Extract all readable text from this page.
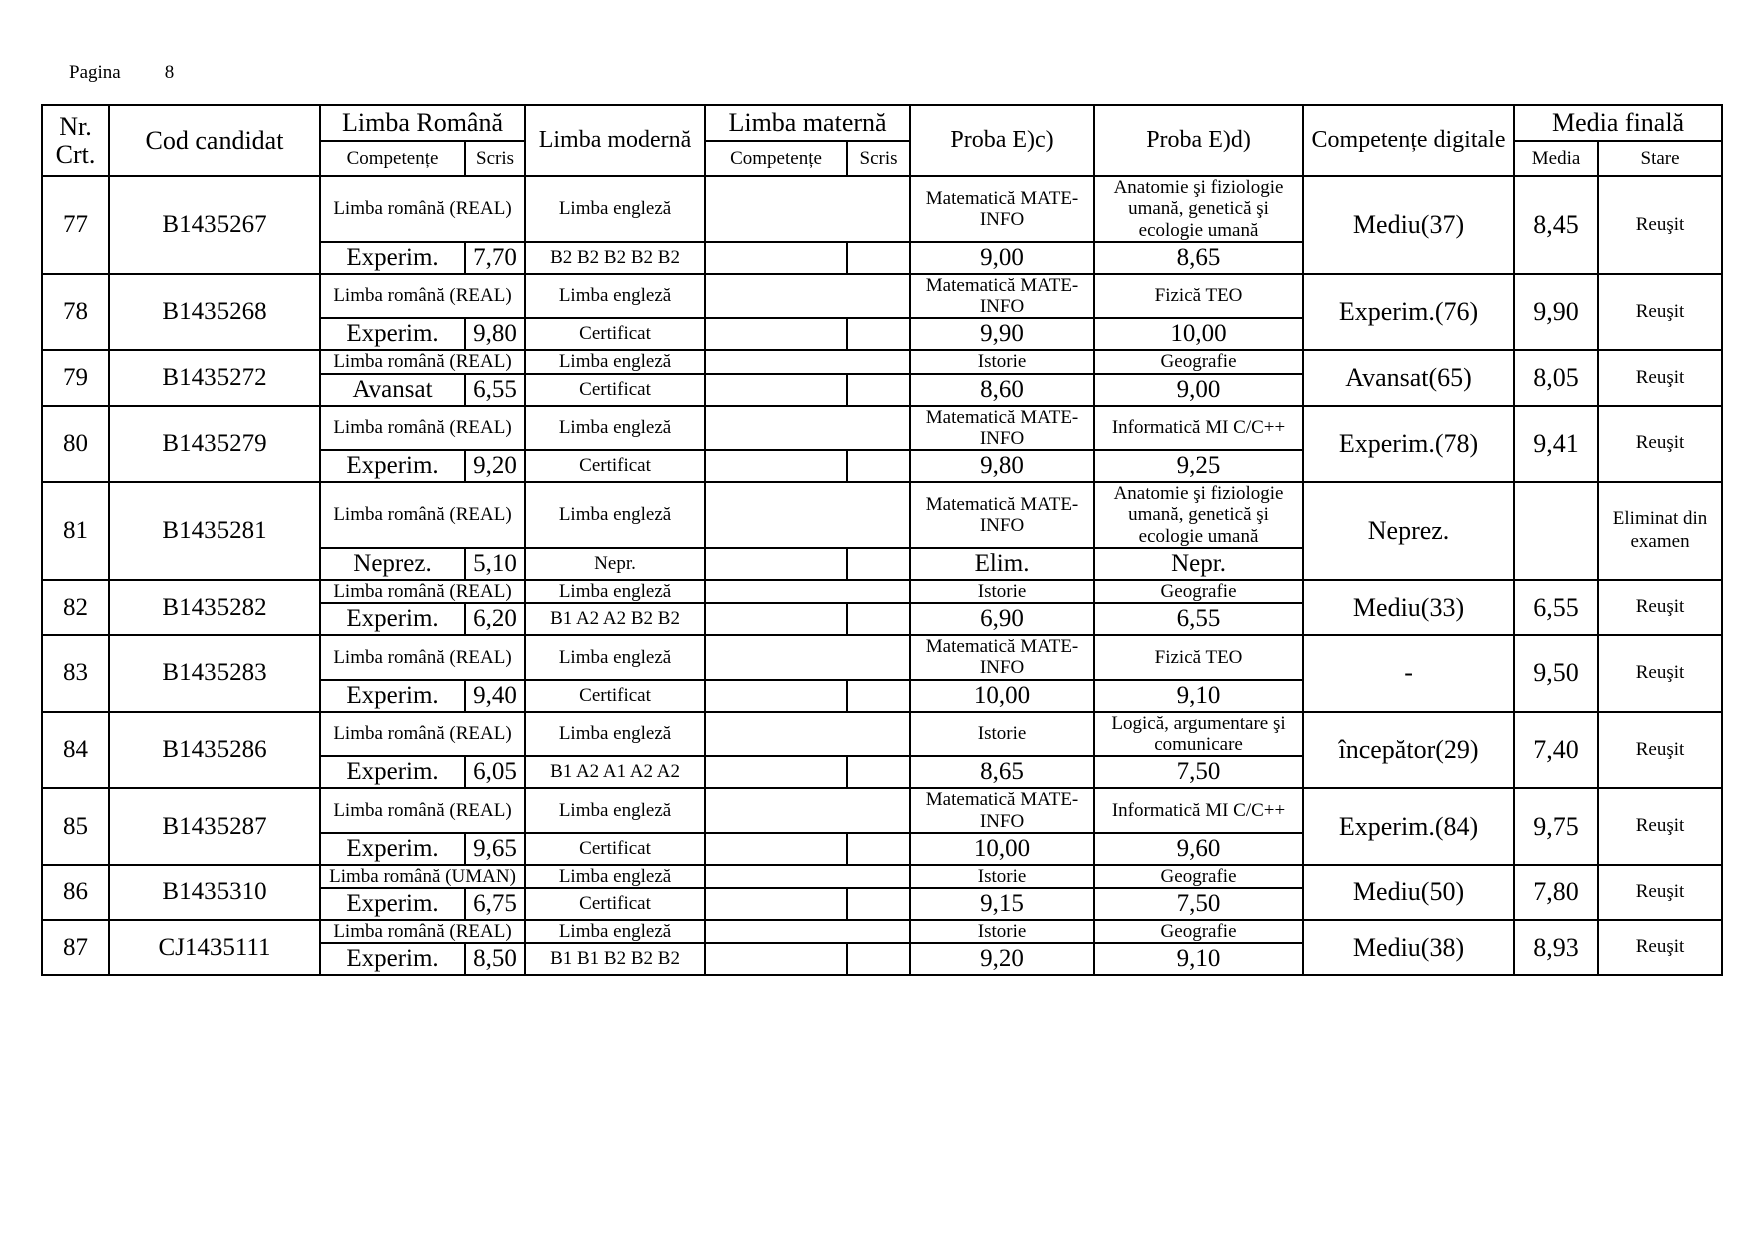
Pagina 8
Nr. Crt.	Cod candidat	Limba Română		Limba modernă	Limba maternă		Proba E)c)	Proba E)d)	Competențe digitale	Media finală	
		Competențe	Scris		Competențe	Scris				Media	Stare
77	B1435267	Limba română (REAL)		Limba engleză			Matematică MATE-INFO	Anatomie şi fiziologie umană, genetică şi ecologie umană	Mediu(37)	8,45	Reuşit
		Experim.	7,70	B2 B2 B2 B2 B2			9,00	8,65			
78	B1435268	Limba română (REAL)		Limba engleză			Matematică MATE-INFO	Fizică TEO	Experim.(76)	9,90	Reuşit
		Experim.	9,80	Certificat			9,90	10,00			
79	B1435272	Limba română (REAL)		Limba engleză			Istorie	Geografie	Avansat(65)	8,05	Reuşit
		Avansat	6,55	Certificat			8,60	9,00			
80	B1435279	Limba română (REAL)		Limba engleză			Matematică MATE-INFO	Informatică MI C/C++	Experim.(78)	9,41	Reuşit
		Experim.	9,20	Certificat			9,80	9,25			
81	B1435281	Limba română (REAL)		Limba engleză			Matematică MATE-INFO	Anatomie şi fiziologie umană, genetică şi ecologie umană	Neprez.		Eliminat din examen
		Neprez.	5,10	Nepr.			Elim.	Nepr.			
82	B1435282	Limba română (REAL)		Limba engleză			Istorie	Geografie	Mediu(33)	6,55	Reuşit
		Experim.	6,20	B1 A2 A2 B2 B2			6,90	6,55			
83	B1435283	Limba română (REAL)		Limba engleză			Matematică MATE-INFO	Fizică TEO	-	9,50	Reuşit
		Experim.	9,40	Certificat			10,00	9,10			
84	B1435286	Limba română (REAL)		Limba engleză			Istorie	Logică, argumentare şi comunicare	începător(29)	7,40	Reuşit
		Experim.	6,05	B1 A2 A1 A2 A2			8,65	7,50			
85	B1435287	Limba română (REAL)		Limba engleză			Matematică MATE-INFO	Informatică MI C/C++	Experim.(84)	9,75	Reuşit
		Experim.	9,65	Certificat			10,00	9,60			
86	B1435310	Limba română (UMAN)		Limba engleză			Istorie	Geografie	Mediu(50)	7,80	Reuşit
		Experim.	6,75	Certificat			9,15	7,50			
87	CJ1435111	Limba română (REAL)		Limba engleză			Istorie	Geografie	Mediu(38)	8,93	Reuşit
		Experim.	8,50	B1 B1 B2 B2 B2			9,20	9,10			
